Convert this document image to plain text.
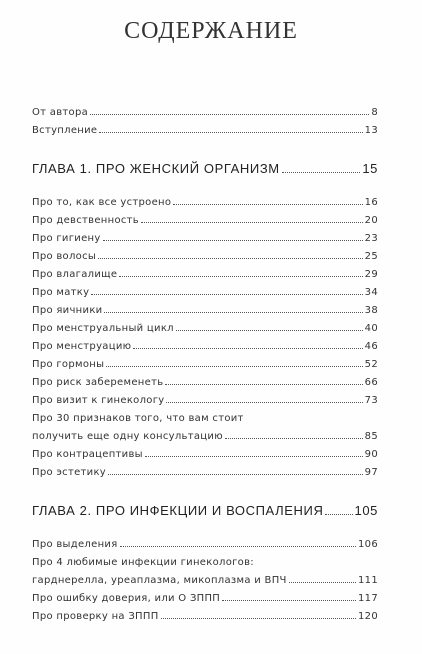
СОДЕРЖАНИЕ
От автора	8
Вступление	13
ГЛАВА 1. ПРО ЖЕНСКИЙ ОРГАНИЗМ	15
Про то, как все устроено	16
Про девственность	20
Про гигиену	23
Про волосы	25
Про влагалище	29
Про матку	34
Про яичники	38
Про менструальный цикл	40
Про менструацию	46
Про гормоны	52
Про риск забеременеть	66
Про визит к гинекологу	73
Про 30 признаков того, что вам стоит
получить еще одну консультацию	85
Про контрацептивы	90
Про эстетику	97
ГЛАВА 2. ПРО ИНФЕКЦИИ И ВОСПАЛЕНИЯ 105
Про выделения	106
Про 4 любимые инфекции гинекологов:
гарднерелла, уреаплазма, микоплазма и ВПЧ	111
Про ошибку доверия, или О ЗППП	117
Про проверку на ЗППП	120
